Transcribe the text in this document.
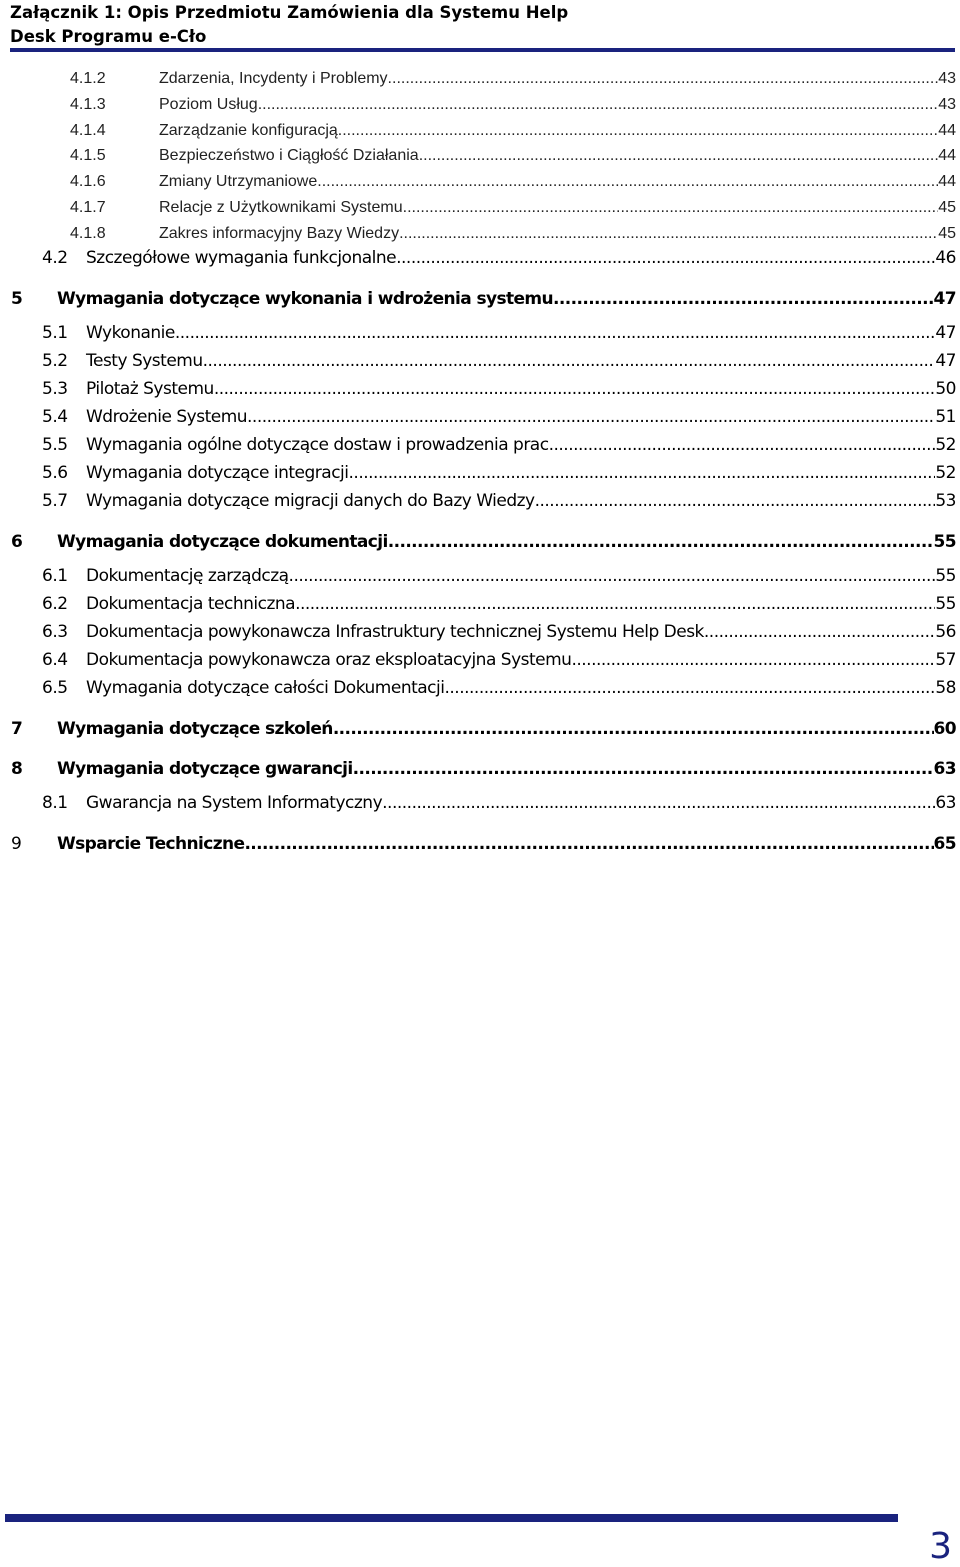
Załącznik 1: Opis Przedmiotu Zamówienia dla Systemu Help
Desk Programu e-Cło
4.1.2	Zdarzenia, Incydenty i Problemy .....	43
4.1.3	Poziom Usług .....	43
4.1.4	Zarządzanie konfiguracją .....	44
4.1.5	Bezpieczeństwo i Ciągłość Działania .....	44
4.1.6	Zmiany Utrzymaniowe .....	44
4.1.7	Relacje z Użytkownikami Systemu .....	45
4.1.8	Zakres informacyjny Bazy Wiedzy .....	45
4.2	Szczegółowe wymagania funkcjonalne .....	46
5	Wymagania dotyczące wykonania i wdrożenia systemu .....	47
5.1	Wykonanie .....	47
5.2	Testy Systemu. .....	47
5.3	Pilotaż Systemu .....	50
5.4	Wdrożenie Systemu .....	51
5.5	Wymagania ogólne dotyczące dostaw i prowadzenia prac. .....	52
5.6	Wymagania dotyczące integracji .....	52
5.7	Wymagania dotyczące migracji danych do Bazy Wiedzy .....	53
6	Wymagania dotyczące dokumentacji .....	55
6.1	Dokumentację zarządczą .....	55
6.2	Dokumentacja techniczna .....	55
6.3	Dokumentacja powykonawcza Infrastruktury technicznej Systemu Help Desk .....	56
6.4	Dokumentacja powykonawcza oraz eksploatacyjna Systemu .....	57
6.5	Wymagania dotyczące całości Dokumentacji. .....	58
7	Wymagania dotyczące szkoleń .....	60
8	Wymagania dotyczące gwarancji .....	63
8.1	Gwarancja na System Informatyczny .....	63
9	Wsparcie Techniczne .....	65
3
